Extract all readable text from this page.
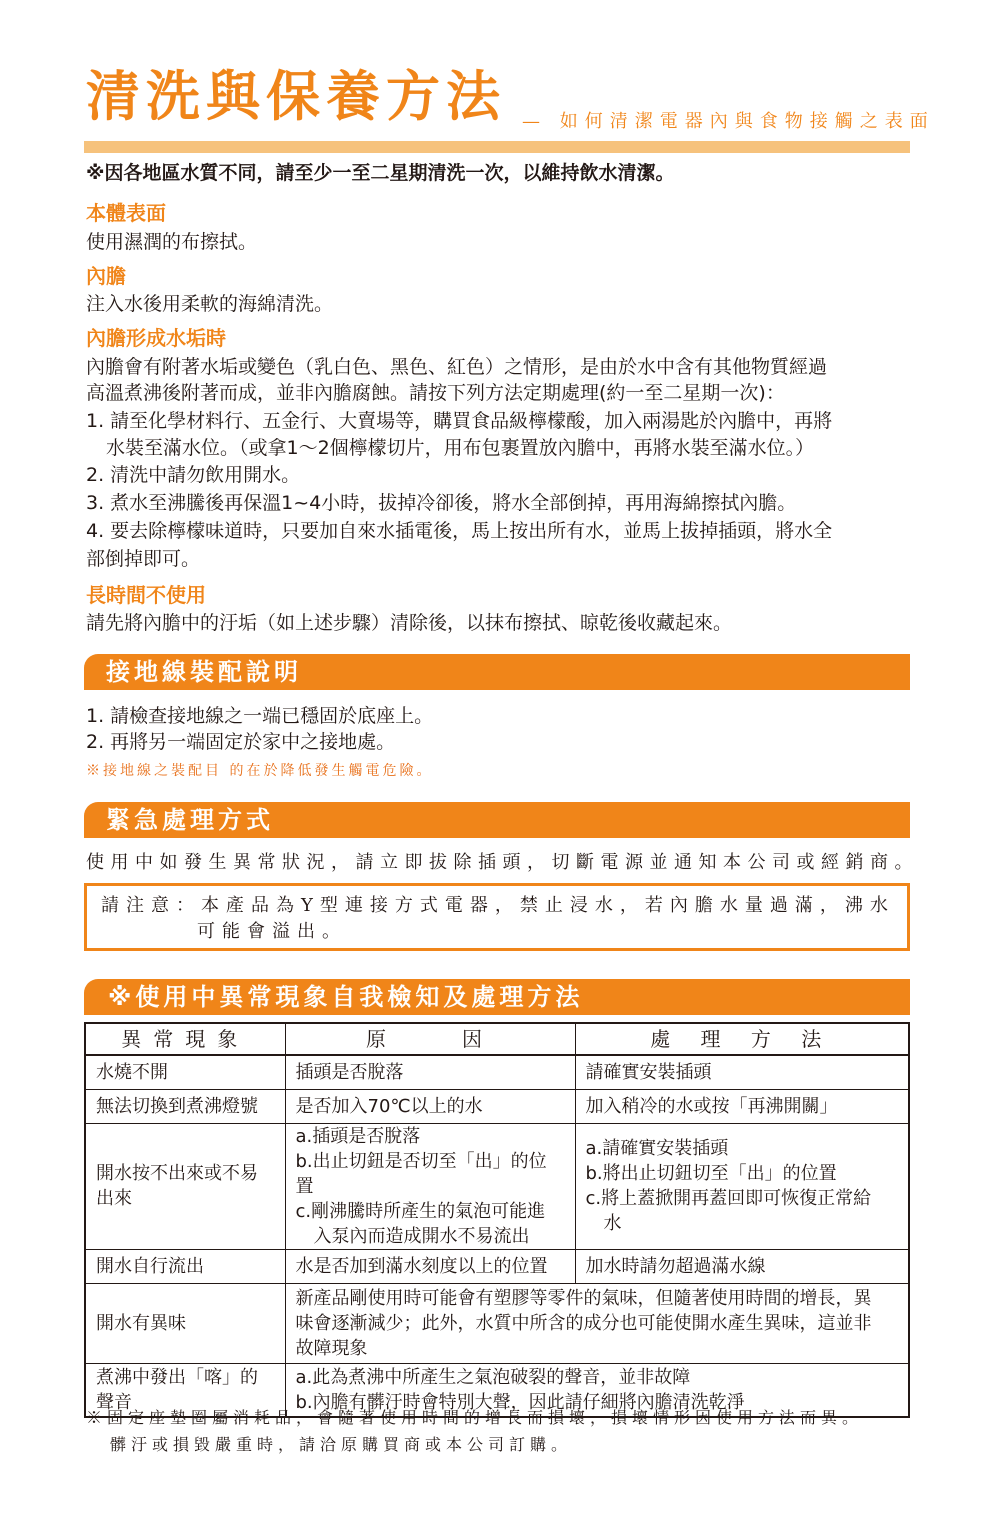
清洗與保養方法 — 如何清潔電器內與食物接觸之表面
※因各地區水質不同，請至少一至二星期清洗一次，以維持飲水清潔。
本體表面
使用濕潤的布擦拭。
內膽
注入水後用柔軟的海綿清洗。
內膽形成水垢時
內膽會有附著水垢或變色（乳白色、黑色、紅色）之情形，是由於水中含有其他物質經過
高溫煮沸後附著而成，並非內膽腐蝕。請按下列方法定期處理(約一至二星期一次)：
1. 請至化學材料行、五金行、大賣場等，購買食品級檸檬酸，加入兩湯匙於內膽中，再將
水裝至滿水位。（或拿1～2個檸檬切片，用布包裹置放內膽中，再將水裝至滿水位。）
2. 清洗中請勿飲用開水。
3. 煮水至沸騰後再保溫1~4小時，拔掉冷卻後，將水全部倒掉，再用海綿擦拭內膽。
4. 要去除檸檬味道時，只要加自來水插電後，馬上按出所有水，並馬上拔掉插頭，將水全
部倒掉即可。
長時間不使用
請先將內膽中的汙垢（如上述步驟）清除後，以抹布擦拭、晾乾後收藏起來。
接地線裝配說明
1. 請檢查接地線之一端已穩固於底座上。
2. 再將另一端固定於家中之接地處。
※接地線之裝配目 的在於降低發生觸電危險。
緊急處理方式
使用中如發生異常狀況，請立即拔除插頭，切斷電源並通知本公司或經銷商。
請注意：本產品為Y型連接方式電器，禁止浸水，若內膽水量過滿，沸水
可能會溢出。
※使用中異常現象自我檢知及處理方法
異常現象	原　　因	處 理 方 法
水燒不開	插頭是否脫落	請確實安裝插頭
無法切換到煮沸燈號	是否加入70℃以上的水	加入稍冷的水或按「再沸開關」
開水按不出來或不易出來	a.插頭是否脫落
b.出止切鈕是否切至「出」的位置
c.剛沸騰時所產生的氣泡可能進
入泵內而造成開水不易流出	a.請確實安裝插頭
b.將出止切鈕切至「出」的位置
c.將上蓋掀開再蓋回即可恢復正常給
水

開水自行流出	水是否加到滿水刻度以上的位置	加水時請勿超過滿水線
開水有異味	新產品剛使用時可能會有塑膠等零件的氣味，但隨著使用時間的增長，異
味會逐漸減少；此外，水質中所含的成分也可能使開水產生異味，這並非
故障現象	

煮沸中發出「喀」的聲音	a.此為煮沸中所產生之氣泡破裂的聲音，並非故障
b.內膽有髒汙時會特別大聲，因此請仔細將內膽清洗乾淨	
※固定座墊圈屬消耗品，會隨著使用時間的增長而損壞，損壞情形因使用方法而異。
髒汙或損毀嚴重時，請洽原購買商或本公司訂購。
